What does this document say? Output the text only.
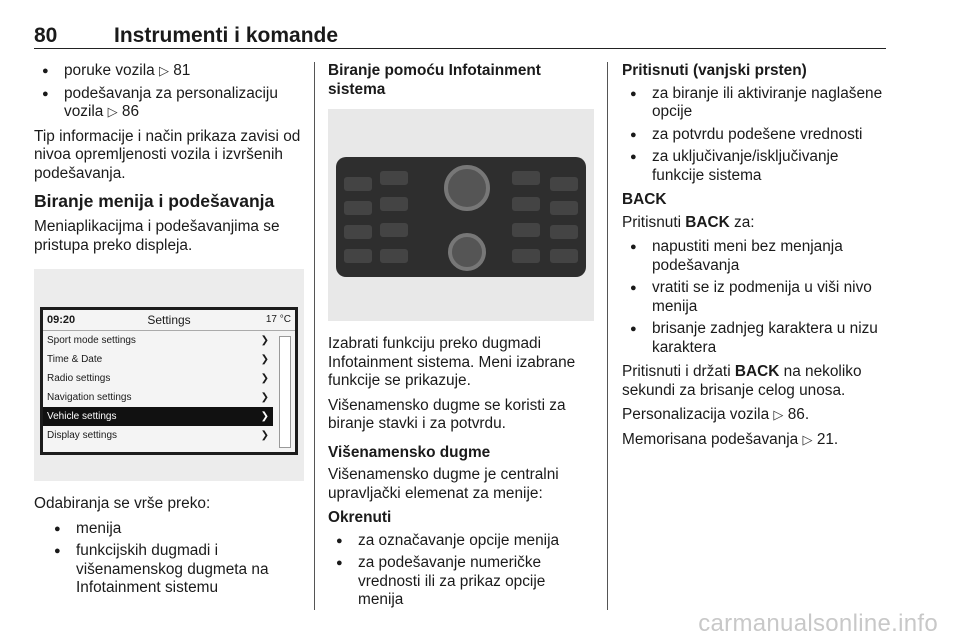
80	Instrumenti i komande
● poruke vozila ▷ 81
● podešavanja za personalizaciju vozila ▷ 86

Tip informacije i način prikaza zavisi od nivoa opremljenosti vozila i izvršenih podešavanja.

Biranje menija i podešavanja

Meniaplikacijma i podešavanjima se pristupa preko displeja.

09:20	Settings	17 °C
Sport mode settings	❯
Time & Date	❯
Radio settings	❯
Navigation settings	❯
Vehicle settings	❯
Display settings	❯

Odabiranja se vrše preko:

● menija
● funkcijskih dugmadi i višenamenskog dugmeta na Infotainment sistemu
Biranje pomoću Infotainment sistema

Izabrati funkciju preko dugmadi Infotainment sistema. Meni izabrane funkcije se prikazuje.

Višenamensko dugme se koristi za biranje stavki i za potvrdu.

Višenamensko dugme

Višenamensko dugme je centralni upravljački elemenat za menije:

Okrenuti
● za označavanje opcije menija
● za podešavanje numeričke vrednosti ili za prikaz opcije menija
Pritisnuti (vanjski prsten)
● za biranje ili aktiviranje naglašene opcije
● za potvrdu podešene vrednosti
● za uključivanje/isključivanje funkcije sistema
BACK

Pritisnuti BACK za:

● napustiti meni bez menjanja podešavanja
● vratiti se iz podmenija u viši nivo menija
● brisanje zadnjeg karaktera u nizu karaktera

Pritisnuti i držati BACK na nekoliko sekundi za brisanje celog unosa.

Personalizacija vozila ▷ 86.

Memorisana podešavanja ▷ 21.

carmanualsonline.info
